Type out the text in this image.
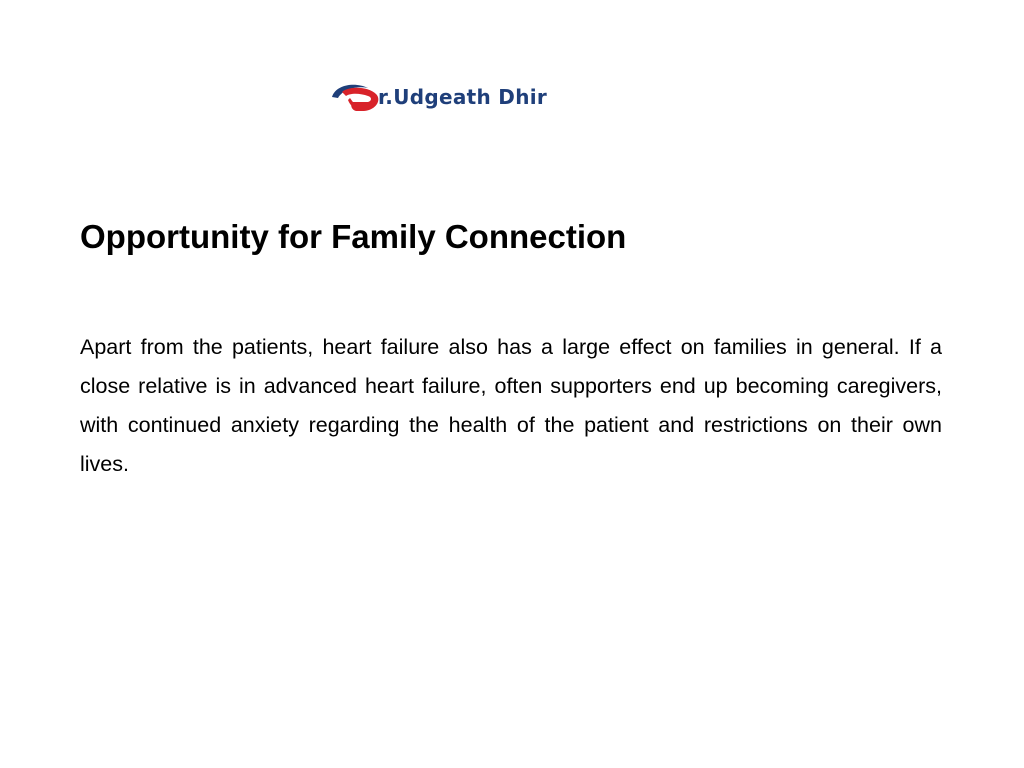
r.Udgeath Dhir
Opportunity for Family Connection

Apart from the patients, heart failure also has a large effect on families in general. If a close relative is in advanced heart failure, often supporters end up becoming caregivers, with continued anxiety regarding the health of the patient and restrictions on their own lives.
